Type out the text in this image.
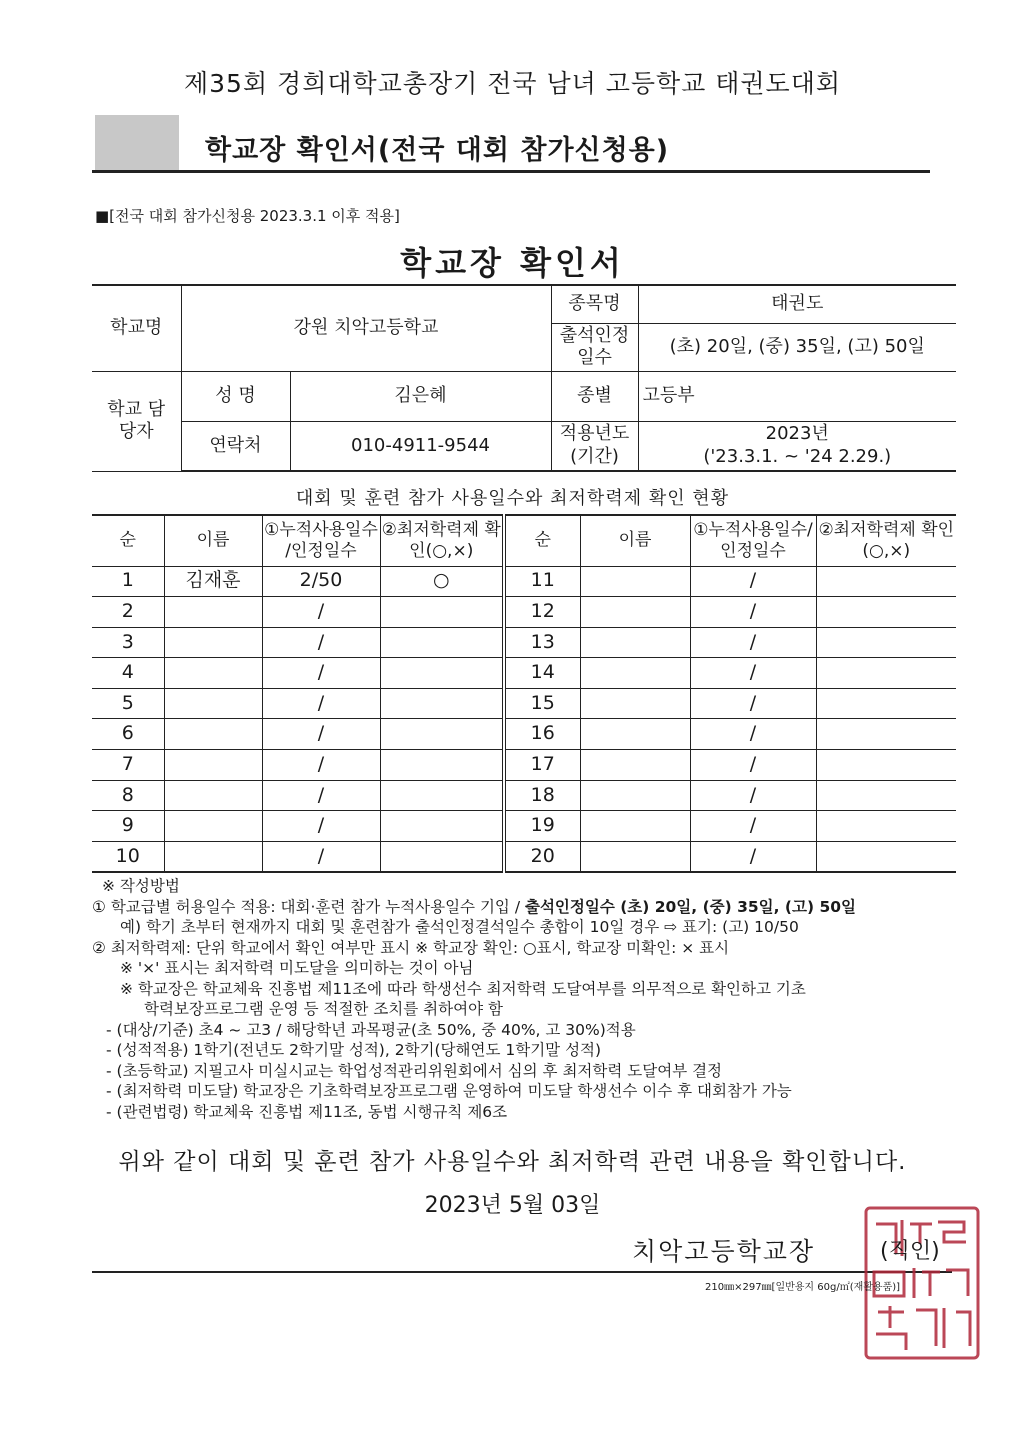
제35회 경희대학교총장기 전국 남녀 고등학교 태권도대회
학교장 확인서(전국 대회 참가신청용)
■[전국 대회 참가신청용 2023.3.1 이후 적용]
학교장 확인서
학교명	강원 치악고등학교		종목명	태권도
			출석인정 일수	(초) 20일, (중) 35일, (고) 50일
학교 담당자	성 명	김은혜	종별	고등부
	연락처	010-4911-9544	적용년도 (기간)	2023년
('23.3.1. ~ '24 2.29.)
대회 및 훈련 참가 사용일수와 최저학력제 확인 현황
순	이름	①누적사용일수 /인정일수	②최저학력제 확인(○,×)	순	이름	①누적사용일수/ 인정일수	②최저학력제 확인(○,×)
1	김재훈	2/50	○	11		/	
2		/		12		/	
3		/		13		/	
4		/		14		/	
5		/		15		/	
6		/		16		/	
7		/		17		/	
8		/		18		/	
9		/		19		/	
10		/		20		/	
※ 작성방법
① 학교급별 허용일수 적용: 대회·훈련 참가 누적사용일수 기입 / 출석인정일수 (초) 20일, (중) 35일, (고) 50일
예) 학기 초부터 현재까지 대회 및 훈련참가 출석인정결석일수 총합이 10일 경우 ⇨ 표기: (고) 10/50
② 최저학력제: 단위 학교에서 확인 여부만 표시 ※ 학교장 확인: ○표시, 학교장 미확인: × 표시
※ '×' 표시는 최저학력 미도달을 의미하는 것이 아님
※ 학교장은 학교체육 진흥법 제11조에 따라 학생선수 최저학력 도달여부를 의무적으로 확인하고 기초
학력보장프로그램 운영 등 적절한 조치를 취하여야 함
- (대상/기준) 초4 ~ 고3 / 해당학년 과목평균(초 50%, 중 40%, 고 30%)적용
- (성적적용) 1학기(전년도 2학기말 성적), 2학기(당해연도 1학기말 성적)
- (초등학교) 지필고사 미실시교는 학업성적관리위원회에서 심의 후 최저학력 도달여부 결정
- (최저학력 미도달) 학교장은 기초학력보장프로그램 운영하여 미도달 학생선수 이수 후 대회참가 가능
- (관련법령) 학교체육 진흥법 제11조, 동법 시행규칙 제6조
위와 같이 대회 및 훈련 참가 사용일수와 최저학력 관련 내용을 확인합니다.
2023년 5월 03일
치악고등학교장	(직인)
210㎜×297㎜[일반용지 60g/㎡(재활용품)]
